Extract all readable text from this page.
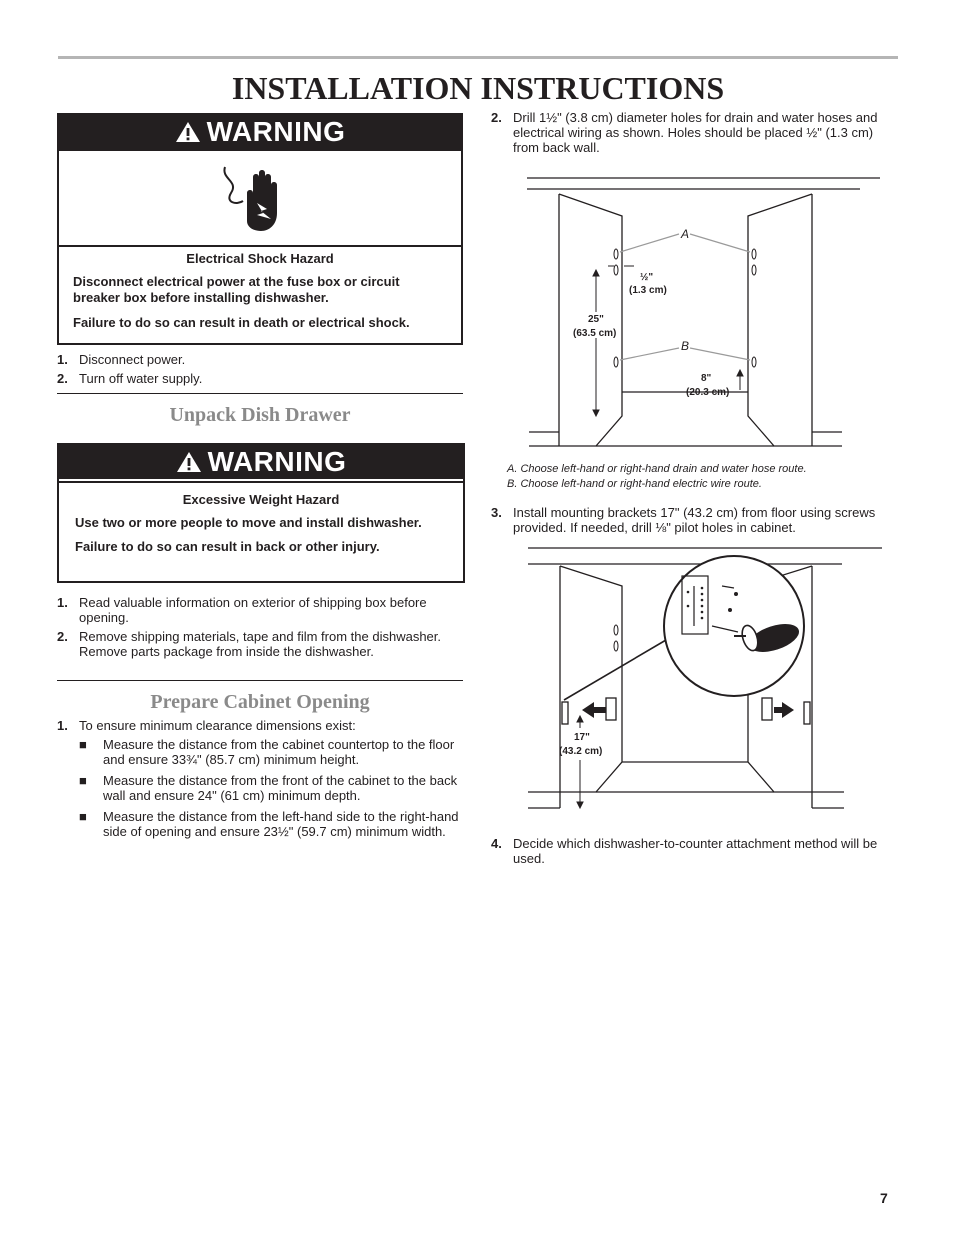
INSTALLATION INSTRUCTIONS
WARNING
Electrical Shock Hazard
Disconnect electrical power at the fuse box or circuit breaker box before installing dishwasher.
Failure to do so can result in death or electrical shock.
1. Disconnect power.
2. Turn off water supply.
Unpack Dish Drawer
WARNING
Excessive Weight Hazard
Use two or more people to move and install dishwasher.
Failure to do so can result in back or other injury.
1. Read valuable information on exterior of shipping box before opening.
2. Remove shipping materials, tape and film from the dishwasher. Remove parts package from inside the dishwasher.
Prepare Cabinet Opening
1. To ensure minimum clearance dimensions exist:
■ Measure the distance from the cabinet countertop to the floor and ensure 33¾" (85.7 cm) minimum height.
■ Measure the distance from the front of the cabinet to the back wall and ensure 24" (61 cm) minimum depth.
■ Measure the distance from the left-hand side to the right-hand side of opening and ensure 23½" (59.7 cm) minimum width.
2. Drill 1½" (3.8 cm) diameter holes for drain and water hoses and electrical wiring as shown. Holes should be placed ½" (1.3 cm) from back wall.
A
B
½"
(1.3 cm)
25"
(63.5 cm)
8"
(20.3 cm)
A. Choose left-hand or right-hand drain and water hose route.
B. Choose left-hand or right-hand electric wire route.
3. Install mounting brackets 17" (43.2 cm) from floor using screws provided. If needed, drill ⅛" pilot holes in cabinet.
17"
(43.2 cm)
4. Decide which dishwasher-to-counter attachment method will be used.
7
